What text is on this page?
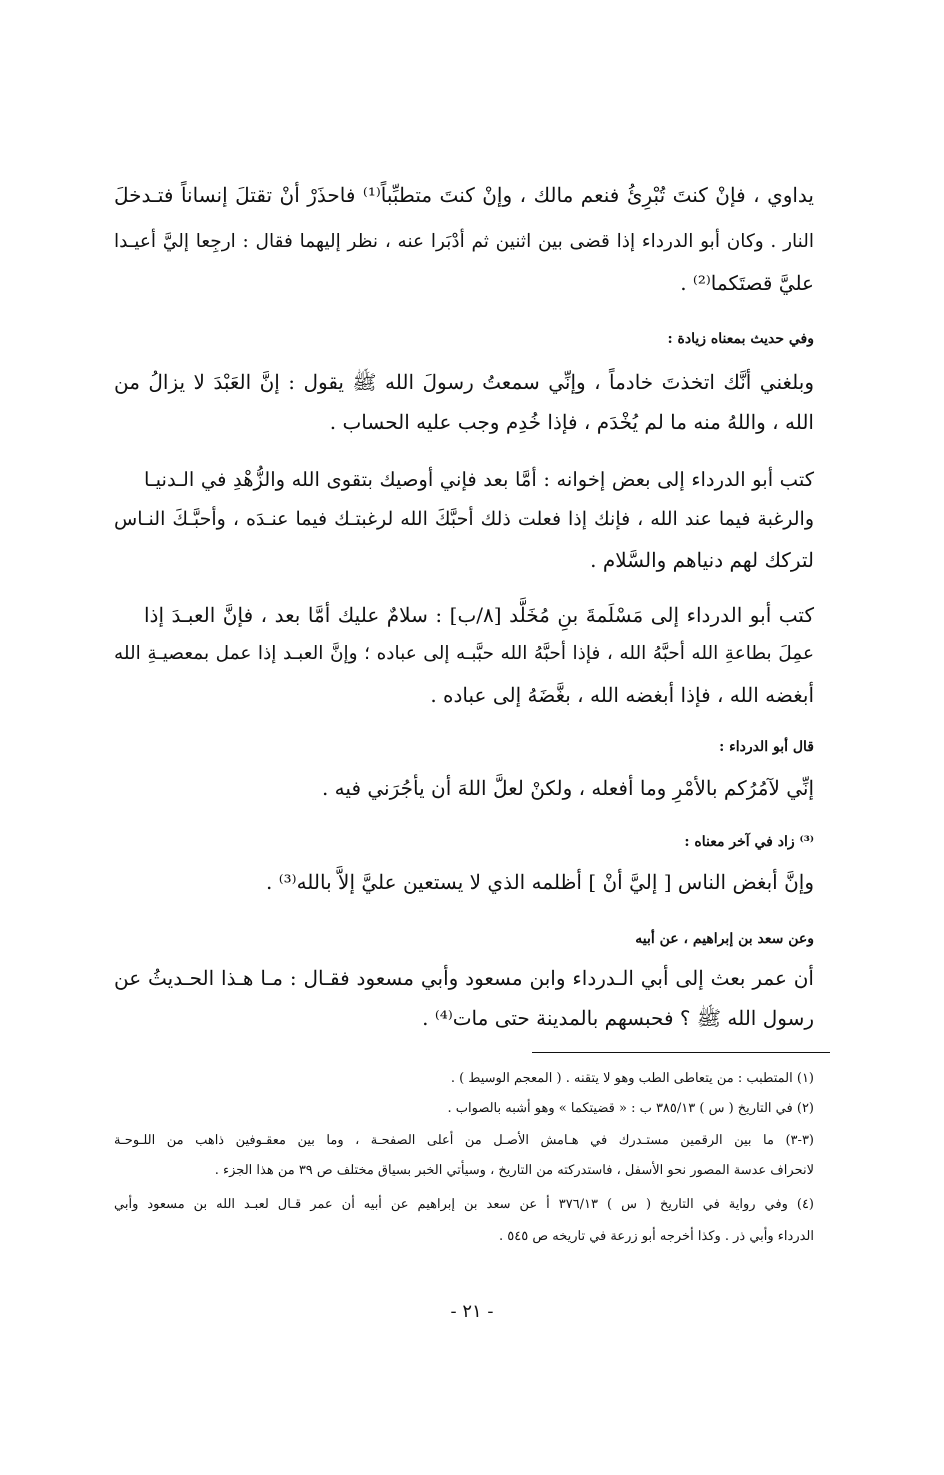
يداوي ، فإنْ كنتَ تُبْرِئُ فنعم مالك ، وإنْ كنتَ متطبِّباً⁽¹⁾ فاحذَرْ أنْ تقتلَ إنساناً فتـدخلَ
النار . وكان أبو الدرداء إذا قضى بين اثنين ثم أدْبَرا عنه ، نظر إليهما فقال : ارجِعا إليَّ أعيـدا
عليَّ قصتَكما⁽²⁾ .
وفي حديث بمعناه زيادة :
وبلغني أنَّك اتخذتَ خادماً ، وإنِّي سمعتُ رسولَ الله ﷺ يقول : إنَّ العَبْدَ لا يزالُ من
الله ، واللهُ منه ما لم يُخْدَم ، فإذا خُدِم وجب عليه الحساب .
كتب أبو الدرداء إلى بعض إخوانه : أمَّا بعد فإني أوصيك بتقوى الله والزُّهْدِ في الـدنيـا
والرغبة فيما عند الله ، فإنك إذا فعلت ذلك أحبَّكَ الله لرغبتـك فيما عنـدَه ، وأحبَّـكَ النـاس
لتركك لهم دنياهم والسَّلام .
كتب أبو الدرداء إلى مَسْلَمةَ بنِ مُخَلَّد [٨/ب] : سلامٌ عليك أمَّا بعد ، فإنَّ العبـدَ إذا
عمِلَ بطاعةِ الله أحبَّهُ الله ، فإذا أحبَّهُ الله حبَّبـه إلى عباده ؛ وإنَّ العبـد إذا عمل بمعصيـةِ الله
أبغضه الله ، فإذا أبغضه الله ، بغَّضَهُ إلى عباده .
قال أبو الدرداء :
إنِّي لآمُرُكم بالأمْرِ وما أفعله ، ولكنْ لعلَّ اللهَ أن يأجُرَني فيه .
⁽³⁾ زاد في آخر معناه :
وإنَّ أبغض الناس [ إليَّ أنْ ] أظلمه الذي لا يستعين عليَّ إلاَّ بالله⁽³⁾ .
وعن سعد بن إبراهيم ، عن أبيه
أن عمر بعث إلى أبي الـدرداء وابن مسعود وأبي مسعود فقـال : مـا هـذا الحـديثُ عن
رسول الله ﷺ ؟ فحبسهم بالمدينة حتى مات⁽⁴⁾ .
(١) المتطبب : من يتعاطى الطب وهو لا يتقنه . ( المعجم الوسيط ) .
(٢) في التاريخ ( س ) ٣٨٥/١٣ ب : « قضيتكما » وهو أشبه بالصواب .
(٣-٣) ما بين الرقمين مستـدرك في هـامش الأصـل من أعلى الصفحـة ، وما بين معقـوفين ذاهب من اللـوحـة
لانحراف عدسة المصور نحو الأسفل ، فاستدركته من التاريخ ، وسيأتي الخبر بسياق مختلف ص ٣٩ من هذا الجزء .
(٤) وفي رواية في التاريخ ( س ) ٣٧٦/١٣ أ عن سعد بن إبراهيم عن أبيه أن عمر قـال لعبـد الله بن مسعود وأبي
الدرداء وأبي ذر . وكذا أخرجه أبو زرعة في تاريخه ص ٥٤٥ .
- ٢١ -
